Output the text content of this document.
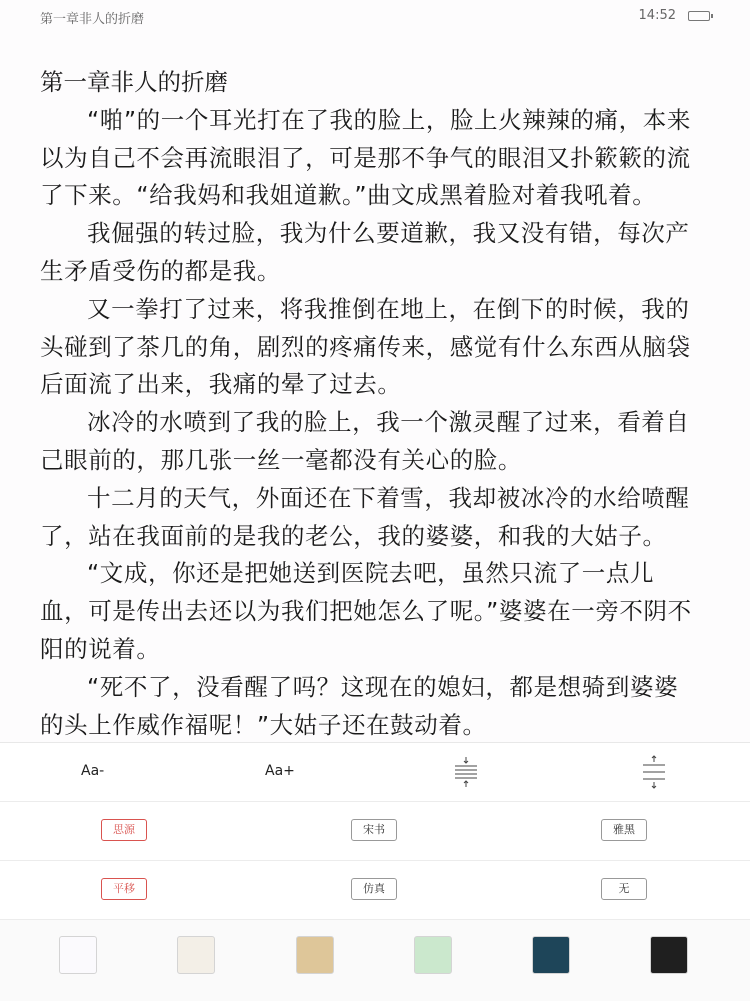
第一章非人的折磨	14:52
第一章非人的折磨

“啪”的一个耳光打在了我的脸上，脸上火辣辣的痛，本来以为自己不会再流眼泪了，可是那不争气的眼泪又扑簌簌的流了下来。“给我妈和我姐道歉。”曲文成黑着脸对着我吼着。

我倔强的转过脸，我为什么要道歉，我又没有错，每次产生矛盾受伤的都是我。

又一拳打了过来，将我推倒在地上，在倒下的时候，我的头碰到了茶几的角，剧烈的疼痛传来，感觉有什么东西从脑袋后面流了出来，我痛的晕了过去。

冰冷的水喷到了我的脸上，我一个激灵醒了过来，看着自己眼前的，那几张一丝一毫都没有关心的脸。

十二月的天气，外面还在下着雪，我却被冰冷的水给喷醒了，站在我面前的是我的老公，我的婆婆，和我的大姑子。

“文成，你还是把她送到医院去吧，虽然只流了一点儿血，可是传出去还以为我们把她怎么了呢。”婆婆在一旁不阴不阳的说着。

“死不了，没看醒了吗？这现在的媳妇，都是想骑到婆婆的头上作威作福呢！”大姑子还在鼓动着。

Aa-	Aa+
思源	宋书	雅黑
平移	仿真	无
